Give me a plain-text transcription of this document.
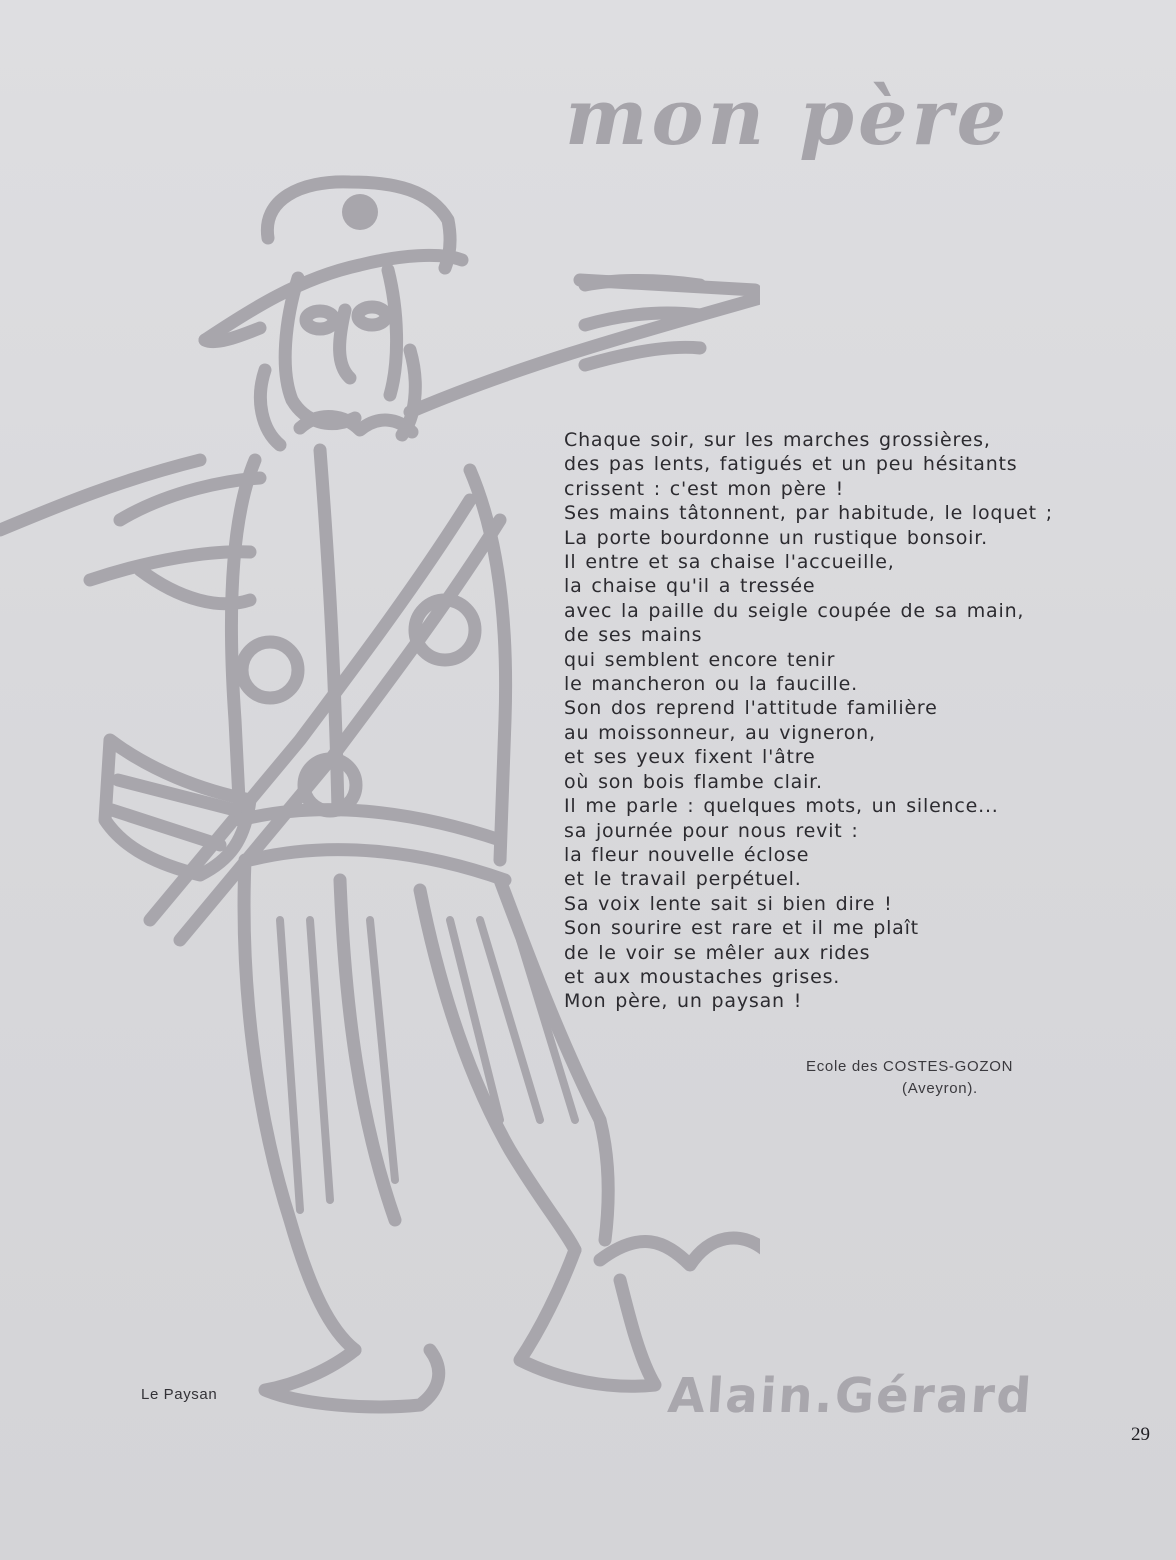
mon père
Chaque soir, sur les marches grossières,
des pas lents, fatigués et un peu hésitants
crissent : c'est mon père !
Ses mains tâtonnent, par habitude, le loquet ;
La porte bourdonne un rustique bonsoir.
Il entre et sa chaise l'accueille,
la chaise qu'il a tressée
avec la paille du seigle coupée de sa main,
de ses mains
qui semblent encore tenir
le mancheron ou la faucille.
Son dos reprend l'attitude familière
au moissonneur, au vigneron,
et ses yeux fixent l'âtre
où son bois flambe clair.
Il me parle : quelques mots, un silence...
sa journée pour nous revit :
la fleur nouvelle éclose
et le travail perpétuel.
Sa voix lente sait si bien dire !
Son sourire est rare et il me plaît
de le voir se mêler aux rides
et aux moustaches grises.
Mon père, un paysan !
Ecole des COSTES-GOZON
(Aveyron).
Le Paysan	Alain.Gérard
29
